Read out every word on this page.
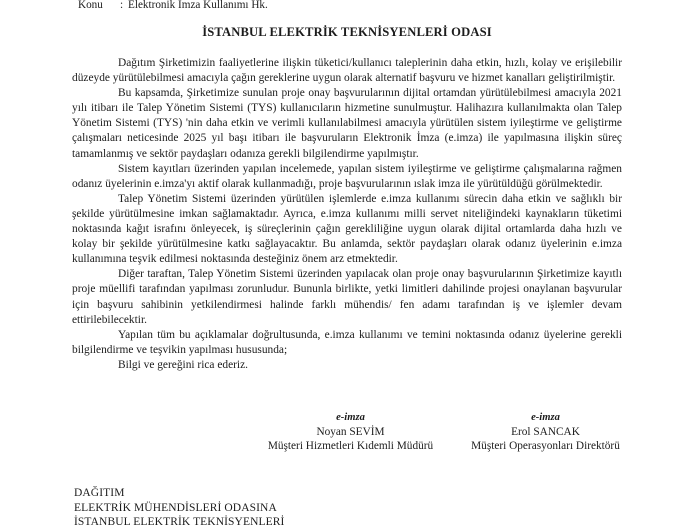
Konu : Elektronik İmza Kullanımı Hk.
İSTANBUL ELEKTRİK TEKNİSYENLERİ ODASI

Dağıtım Şirketimizin faaliyetlerine ilişkin tüketici/kullanıcı taleplerinin daha etkin, hızlı, kolay ve erişilebilir düzeyde yürütülebilmesi amacıyla çağın gereklerine uygun olarak alternatif başvuru ve hizmet kanalları geliştirilmiştir.

Bu kapsamda, Şirketimize sunulan proje onay başvurularının dijital ortamdan yürütülebilmesi amacıyla 2021 yılı itibarı ile Talep Yönetim Sistemi (TYS) kullanıcıların hizmetine sunulmuştur. Halihazıra kullanılmakta olan Talep Yönetim Sistemi (TYS) 'nin daha etkin ve verimli kullanılabilmesi amacıyla yürütülen sistem iyileştirme ve geliştirme çalışmaları neticesinde 2025 yıl başı itibarı ile başvuruların Elektronik İmza (e.imza) ile yapılmasına ilişkin süreç tamamlanmış ve sektör paydaşları odanıza gerekli bilgilendirme yapılmıştır.

Sistem kayıtları üzerinden yapılan incelemede, yapılan sistem iyileştirme ve geliştirme çalışmalarına rağmen odanız üyelerinin e.imza'yı aktif olarak kullanmadığı, proje başvurularının ıslak imza ile yürütüldüğü görülmektedir.

Talep Yönetim Sistemi üzerinden yürütülen işlemlerde e.imza kullanımı sürecin daha etkin ve sağlıklı bir şekilde yürütülmesine imkan sağlamaktadır. Ayrıca, e.imza kullanımı milli servet niteliğindeki kaynakların tüketimi noktasında kağıt israfını önleyecek, iş süreçlerinin çağın gerekliliğine uygun olarak dijital ortamlarda daha hızlı ve kolay bir şekilde yürütülmesine katkı sağlayacaktır. Bu anlamda, sektör paydaşları olarak odanız üyelerinin e.imza kullanımına teşvik edilmesi noktasında desteğiniz önem arz etmektedir.

Diğer taraftan, Talep Yönetim Sistemi üzerinden yapılacak olan proje onay başvurularının Şirketimize kayıtlı proje müellifi tarafından yapılması zorunludur. Bununla birlikte, yetki limitleri dahilinde projesi onaylanan başvurular için başvuru sahibinin yetkilendirmesi halinde farklı mühendis/ fen adamı tarafından iş ve işlemler devam ettirilebilecektir.

Yapılan tüm bu açıklamalar doğrultusunda, e.imza kullanımı ve temini noktasında odanız üyelerine gerekli bilgilendirme ve teşvikin yapılması hususunda;

Bilgi ve gereğini rica ederiz.

e-imza
Noyan SEVİM
Müşteri Hizmetleri Kıdemli Müdürü
e-imza
Erol SANCAK
Müşteri Operasyonları Direktörü
DAĞITIM
ELEKTRİK MÜHENDİSLERİ ODASINA
İSTANBUL ELEKTRİK TEKNİSYENLERİ
